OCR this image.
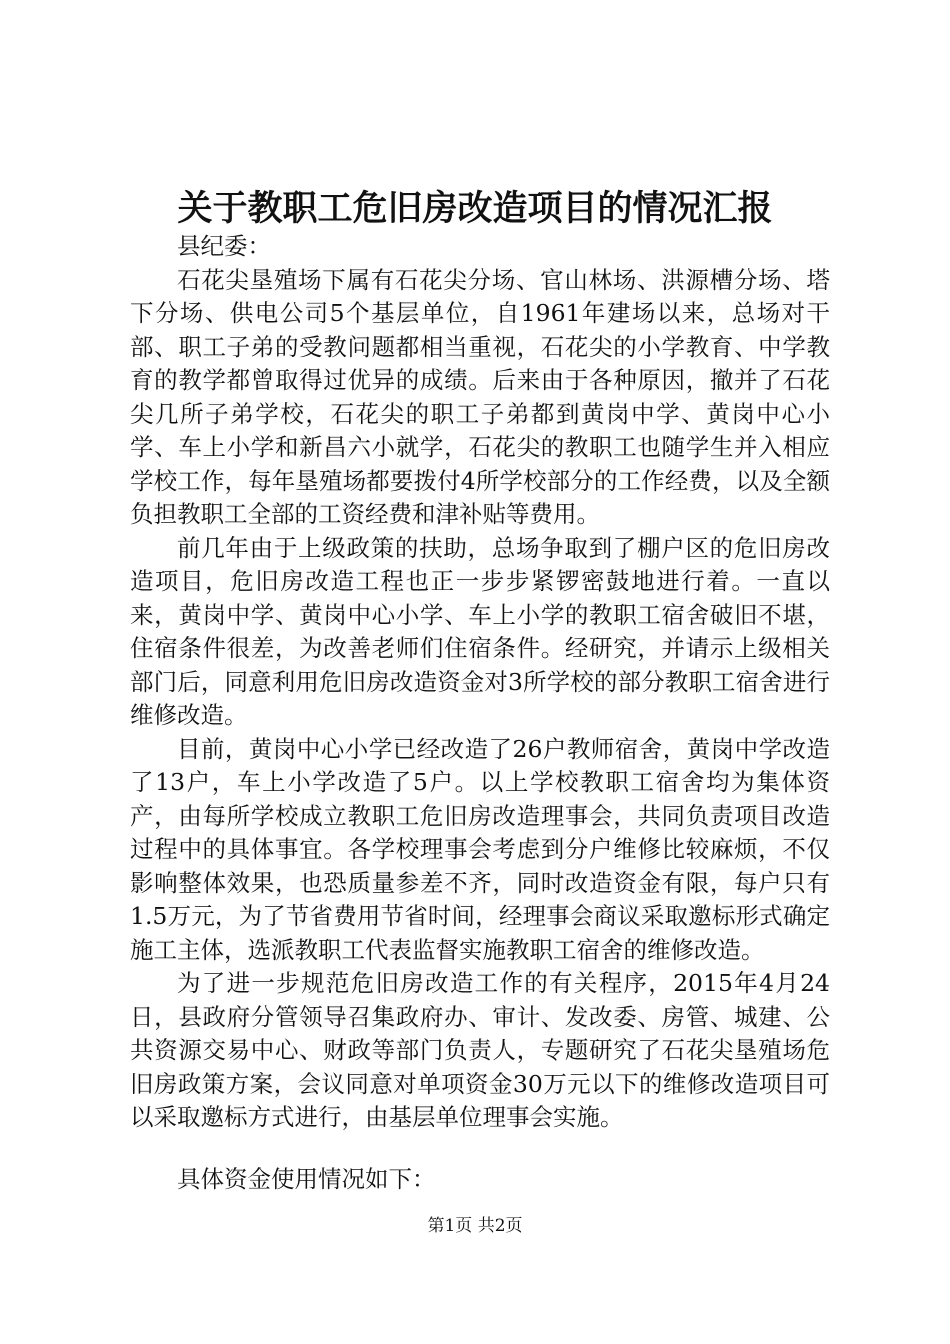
关于教职工危旧房改造项目的情况汇报

县纪委：

石花尖垦殖场下属有石花尖分场、官山林场、洪源槽分场、塔下分场、供电公司5个基层单位，自1961年建场以来，总场对干部、职工子弟的受教问题都相当重视，石花尖的小学教育、中学教育的教学都曾取得过优异的成绩。后来由于各种原因，撤并了石花尖几所子弟学校，石花尖的职工子弟都到黄岗中学、黄岗中心小学、车上小学和新昌六小就学，石花尖的教职工也随学生并入相应学校工作，每年垦殖场都要拨付4所学校部分的工作经费，以及全额负担教职工全部的工资经费和津补贴等费用。

前几年由于上级政策的扶助，总场争取到了棚户区的危旧房改造项目，危旧房改造工程也正一步步紧锣密鼓地进行着。一直以来，黄岗中学、黄岗中心小学、车上小学的教职工宿舍破旧不堪，住宿条件很差，为改善老师们住宿条件。经研究，并请示上级相关部门后，同意利用危旧房改造资金对3所学校的部分教职工宿舍进行维修改造。

目前，黄岗中心小学已经改造了26户教师宿舍，黄岗中学改造了13户，车上小学改造了5户。以上学校教职工宿舍均为集体资产，由每所学校成立教职工危旧房改造理事会，共同负责项目改造过程中的具体事宜。各学校理事会考虑到分户维修比较麻烦，不仅影响整体效果，也恐质量参差不齐，同时改造资金有限，每户只有1.5万元，为了节省费用节省时间，经理事会商议采取邀标形式确定施工主体，选派教职工代表监督实施教职工宿舍的维修改造。

为了进一步规范危旧房改造工作的有关程序，2015年4月24日，县政府分管领导召集政府办、审计、发改委、房管、城建、公共资源交易中心、财政等部门负责人，专题研究了石花尖垦殖场危旧房政策方案，会议同意对单项资金30万元以下的维修改造项目可以采取邀标方式进行，由基层单位理事会实施。

具体资金使用情况如下：

第1页 共2页
